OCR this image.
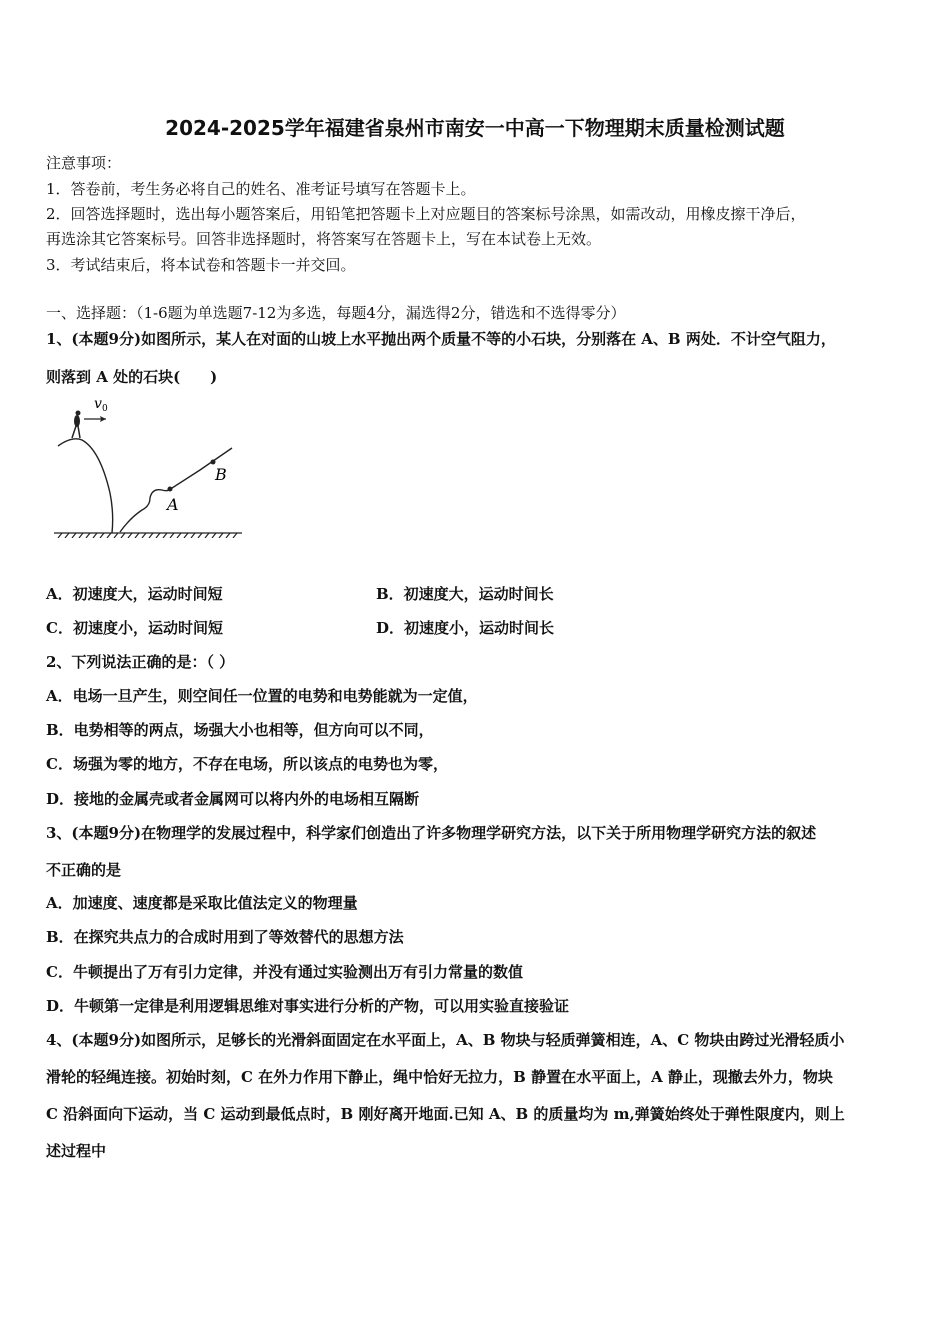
2024-2025学年福建省泉州市南安一中高一下物理期末质量检测试题
注意事项：
1．答卷前，考生务必将自己的姓名、准考证号填写在答题卡上。
2．回答选择题时，选出每小题答案后，用铅笔把答题卡上对应题目的答案标号涂黑，如需改动，用橡皮擦干净后，
再选涂其它答案标号。回答非选择题时，将答案写在答题卡上，写在本试卷上无效。
3．考试结束后，将本试卷和答题卡一并交回。
一、选择题：（1-6题为单选题7-12为多选，每题4分，漏选得2分，错选和不选得零分）
1、(本题9分)如图所示，某人在对面的山坡上水平抛出两个质量不等的小石块，分别落在 A、B 两处．不计空气阻力，
则落到 A 处的石块(　　)
v 0
A
B
A．初速度大，运动时间短	B．初速度大，运动时间长
C．初速度小，运动时间短	D．初速度小，运动时间长
2、下列说法正确的是：（ ）
A．电场一旦产生，则空间任一位置的电势和电势能就为一定值，
B．电势相等的两点，场强大小也相等，但方向可以不同，
C．场强为零的地方，不存在电场，所以该点的电势也为零，
D．接地的金属壳或者金属网可以将内外的电场相互隔断
3、(本题9分)在物理学的发展过程中，科学家们创造出了许多物理学研究方法，以下关于所用物理学研究方法的叙述
不正确的是
A．加速度、速度都是采取比值法定义的物理量
B．在探究共点力的合成时用到了等效替代的思想方法
C．牛顿提出了万有引力定律，并没有通过实验测出万有引力常量的数值
D．牛顿第一定律是利用逻辑思维对事实进行分析的产物，可以用实验直接验证
4、(本题9分)如图所示，足够长的光滑斜面固定在水平面上，A、B 物块与轻质弹簧相连，A、C 物块由跨过光滑轻质小
滑轮的轻绳连接。初始时刻，C 在外力作用下静止，绳中恰好无拉力，B 静置在水平面上，A 静止，现撤去外力，物块
C 沿斜面向下运动，当 C 运动到最低点时，B 刚好离开地面.已知 A、B 的质量均为 m,弹簧始终处于弹性限度内，则上
述过程中
